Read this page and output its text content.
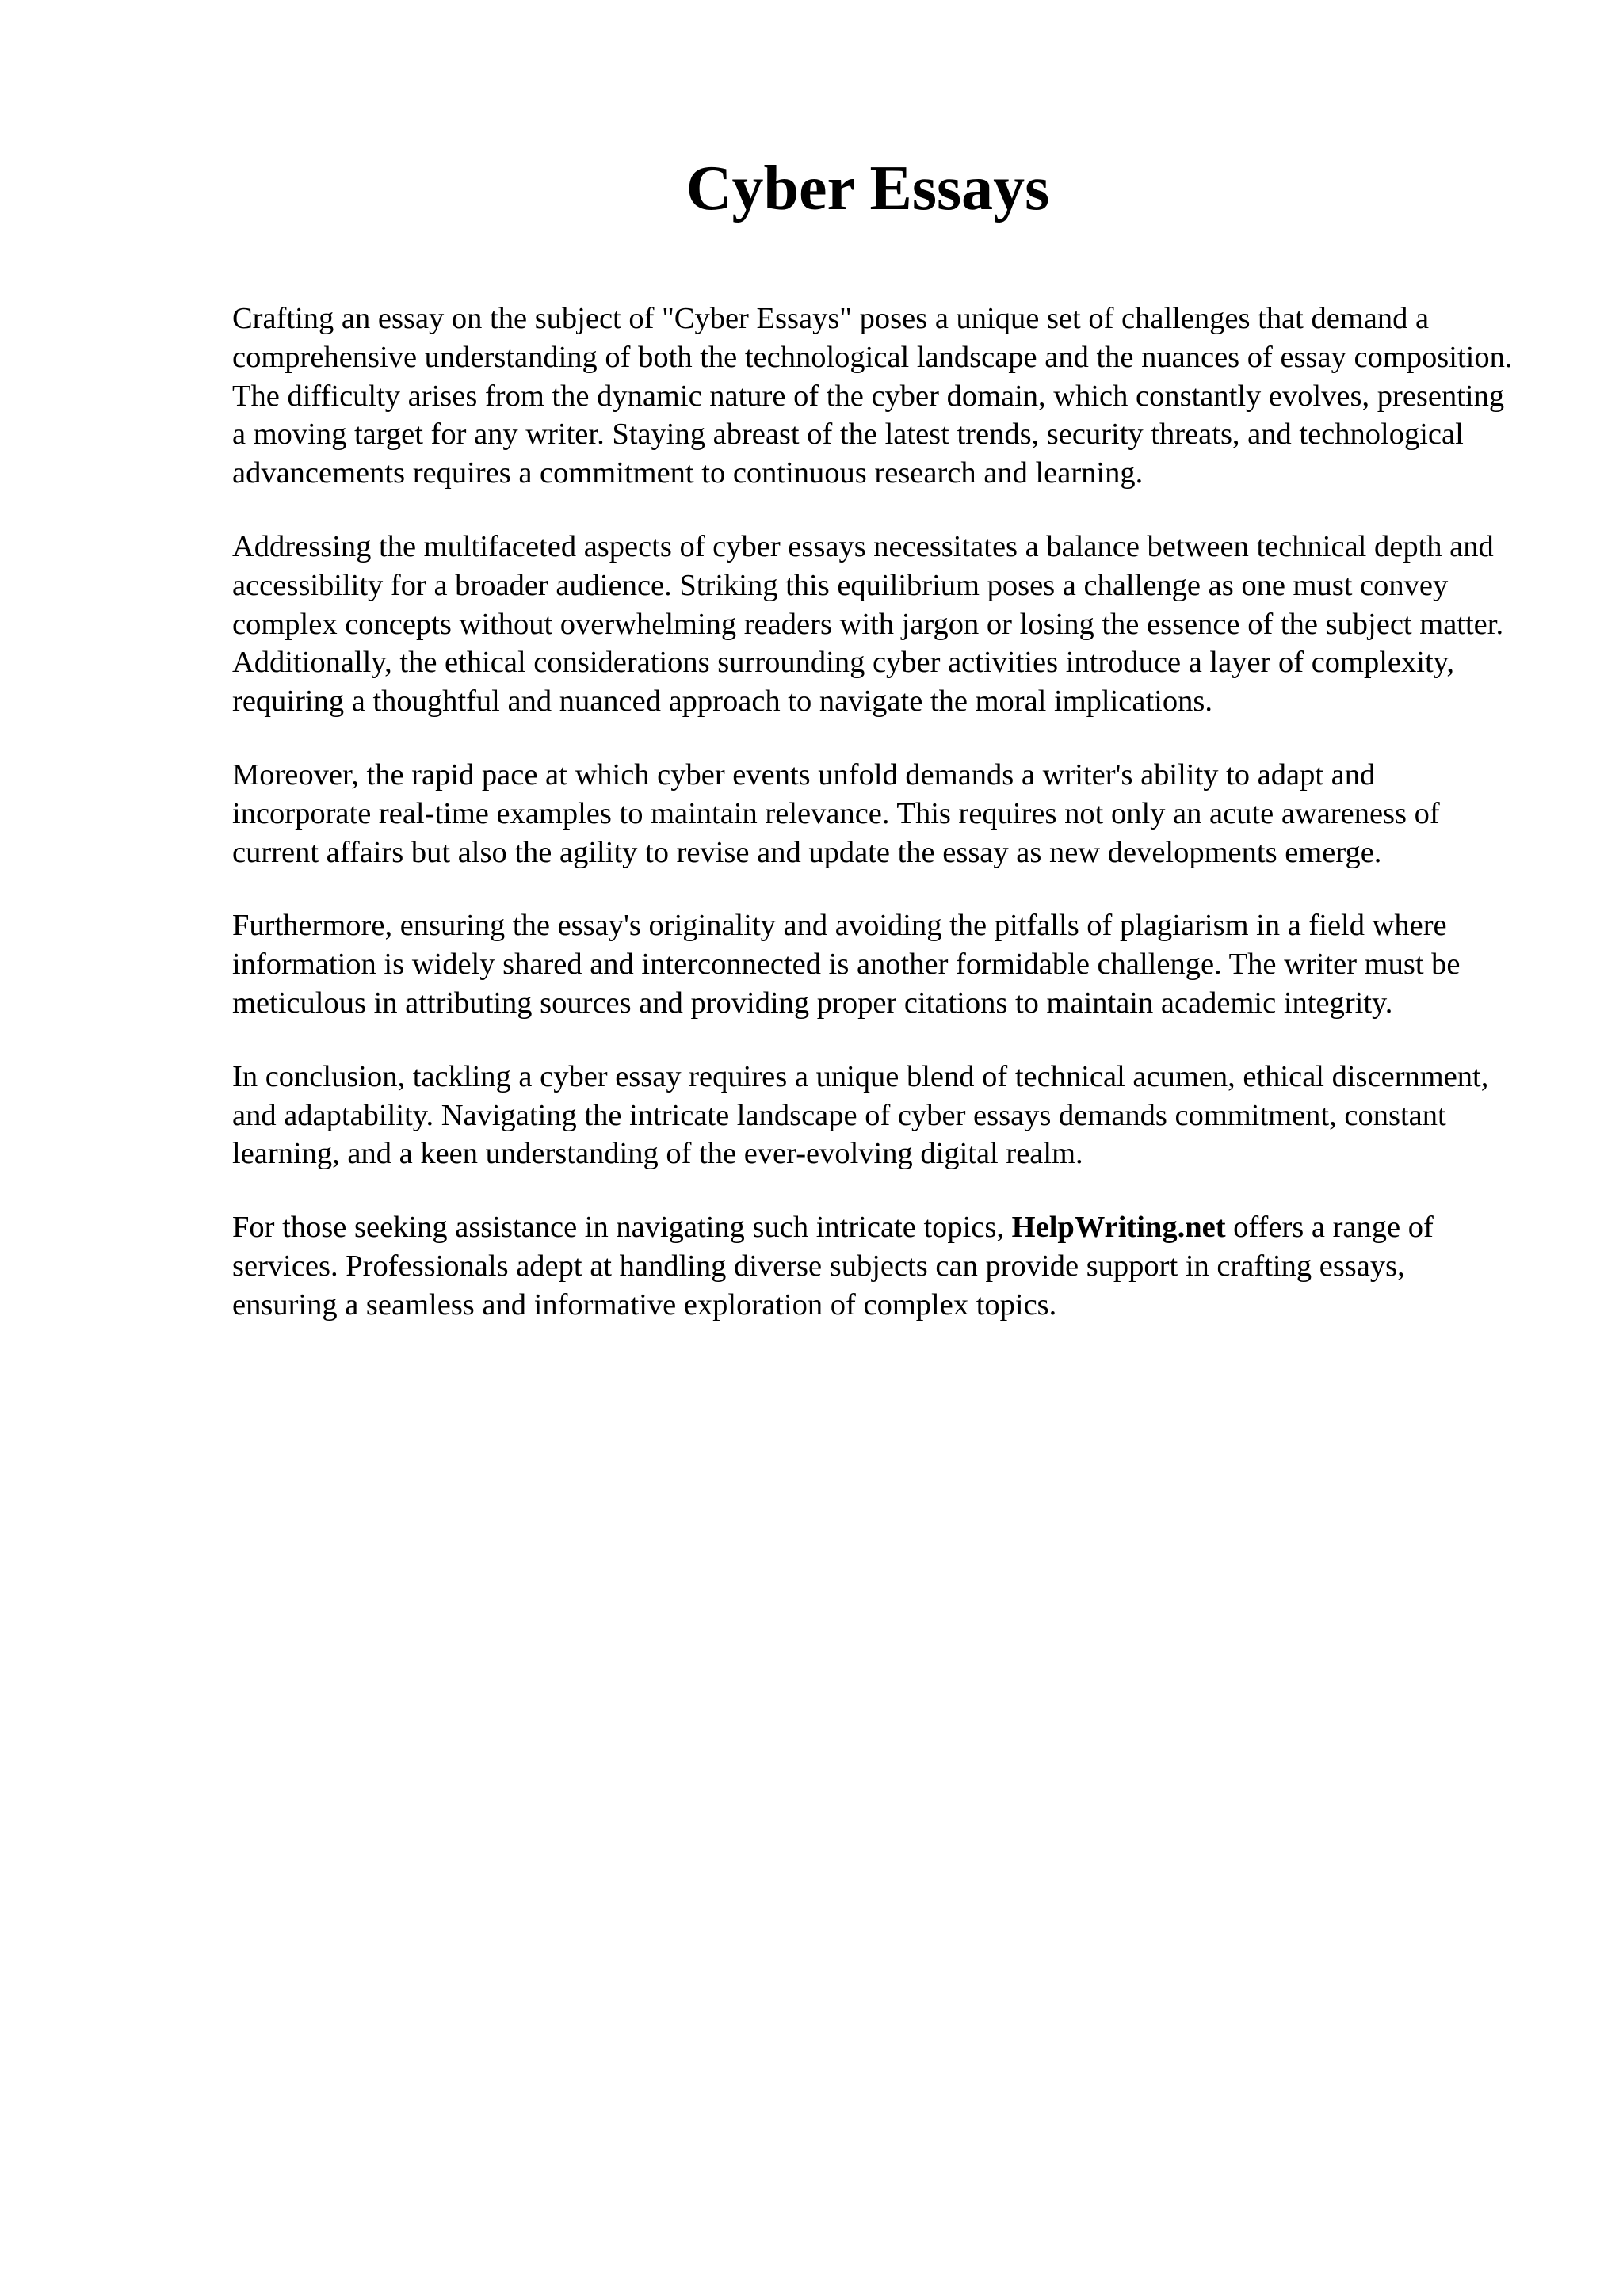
Cyber Essays

Crafting an essay on the subject of "Cyber Essays" poses a unique set of challenges that demand a comprehensive understanding of both the technological landscape and the nuances of essay composition. The difficulty arises from the dynamic nature of the cyber domain, which constantly evolves, presenting a moving target for any writer. Staying abreast of the latest trends, security threats, and technological advancements requires a commitment to continuous research and learning.

Addressing the multifaceted aspects of cyber essays necessitates a balance between technical depth and accessibility for a broader audience. Striking this equilibrium poses a challenge as one must convey complex concepts without overwhelming readers with jargon or losing the essence of the subject matter. Additionally, the ethical considerations surrounding cyber activities introduce a layer of complexity, requiring a thoughtful and nuanced approach to navigate the moral implications.

Moreover, the rapid pace at which cyber events unfold demands a writer's ability to adapt and incorporate real-time examples to maintain relevance. This requires not only an acute awareness of current affairs but also the agility to revise and update the essay as new developments emerge.

Furthermore, ensuring the essay's originality and avoiding the pitfalls of plagiarism in a field where information is widely shared and interconnected is another formidable challenge. The writer must be meticulous in attributing sources and providing proper citations to maintain academic integrity.

In conclusion, tackling a cyber essay requires a unique blend of technical acumen, ethical discernment, and adaptability. Navigating the intricate landscape of cyber essays demands commitment, constant learning, and a keen understanding of the ever-evolving digital realm.

For those seeking assistance in navigating such intricate topics, HelpWriting.net offers a range of services. Professionals adept at handling diverse subjects can provide support in crafting essays, ensuring a seamless and informative exploration of complex topics.
